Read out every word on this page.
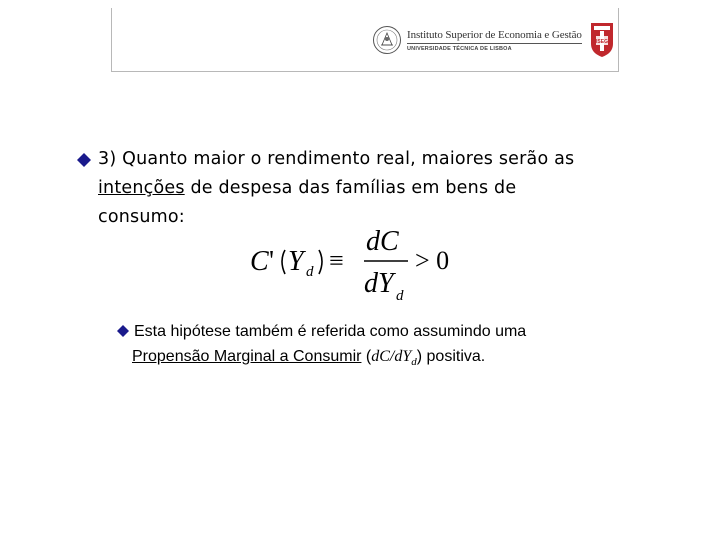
Instituto Superior de Economia e Gestão
UNIVERSIDADE TÉCNICA DE LISBOA
ISEG
3) Quanto maior o rendimento real, maiores serão as
intenções de despesa das famílias em bens de
consumo:
C ' Y d ≡
dC
dY d
> 0
Esta hipótese também é referida como assumindo uma
Propensão Marginal a Consumir $(dC/dY_d)$ positiva.
